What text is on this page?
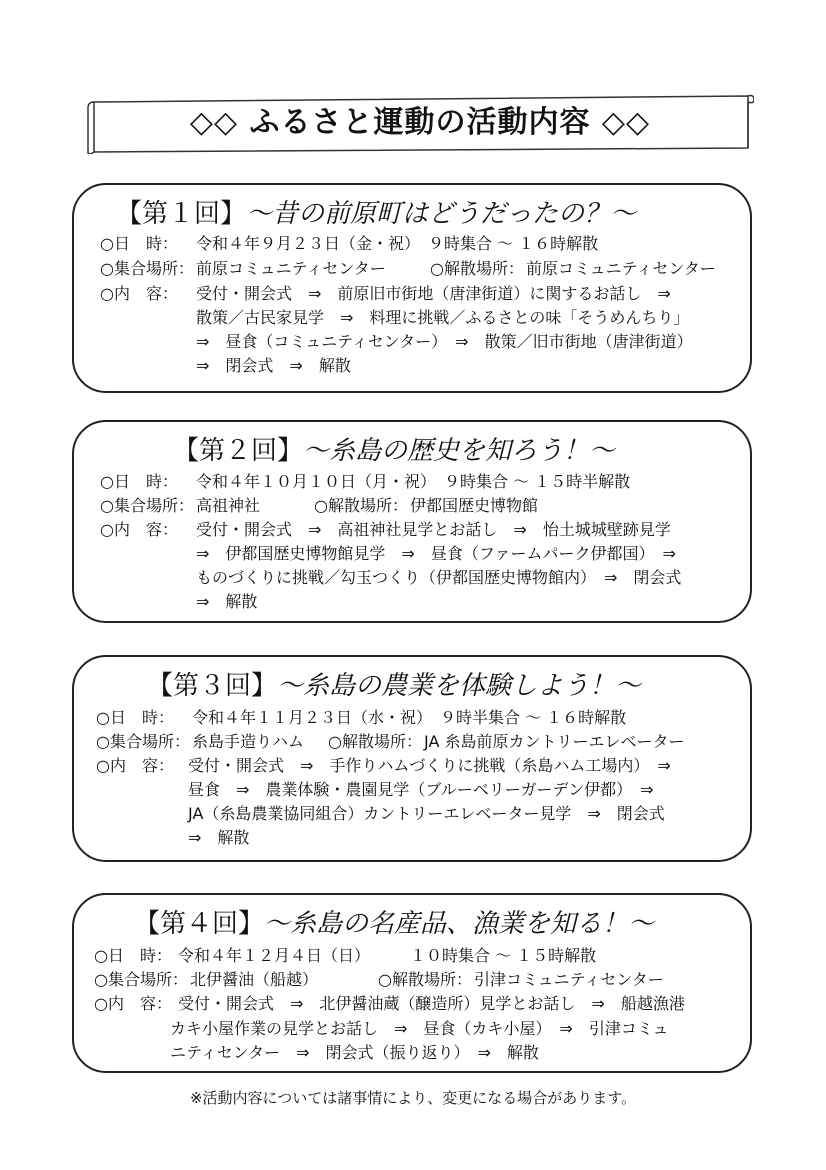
◇◇ ふるさと運動の活動内容 ◇◇
【第１回】～昔の前原町はどうだったの？～
○日　時： 令和４年９月２３日（金・祝）　９時集合 ～ １６時解散
○集合場所： 前原コミュニティセンター	○解散場所： 前原コミュニティセンター
○内　容： 受付・開会式　⇒　前原旧市街地（唐津街道）に関するお話し　⇒
散策／古民家見学　⇒　料理に挑戦／ふるさとの味「そうめんちり」
⇒　昼食（コミュニティセンター）　⇒　散策／旧市街地（唐津街道）
⇒　閉会式　⇒　解散
【第２回】～糸島の歴史を知ろう！～
○日　時： 令和４年１０月１０日（月・祝）　９時集合 ～ １５時半解散
○集合場所： 高祖神社	○解散場所： 伊都国歴史博物館
○内　容： 受付・開会式　⇒　高祖神社見学とお話し　⇒　怡土城城壁跡見学
⇒　伊都国歴史博物館見学　⇒　昼食（ファームパーク伊都国）　⇒
ものづくりに挑戦／勾玉つくり（伊都国歴史博物館内）　⇒　閉会式
⇒　解散
【第３回】～糸島の農業を体験しよう！～
○日　時： 令和４年１１月２３日（水・祝）　９時半集合 ～ １６時解散
○集合場所： 糸島手造りハム ○解散場所： JA 糸島前原カントリーエレベーター
○内　容： 受付・開会式　⇒　手作りハムづくりに挑戦（糸島ハム工場内）　⇒
昼食　⇒　農業体験・農園見学（ブルーベリーガーデン伊都）　⇒
JA（糸島農業協同組合）カントリーエレベーター見学　⇒　閉会式
⇒　解散
【第４回】～糸島の名産品、漁業を知る！～
○日　時： 令和４年１２月４日（日）　　　１０時集合 ～ １５時解散
○集合場所： 北伊醤油（船越）	○解散場所： 引津コミュニティセンター
○内　容： 受付・開会式　⇒　北伊醤油蔵（醸造所）見学とお話し　⇒　船越漁港
カキ小屋作業の見学とお話し　⇒　昼食（カキ小屋）　⇒　引津コミュ
ニティセンター　⇒　閉会式（振り返り）　⇒　解散
※活動内容については諸事情により、変更になる場合があります。
